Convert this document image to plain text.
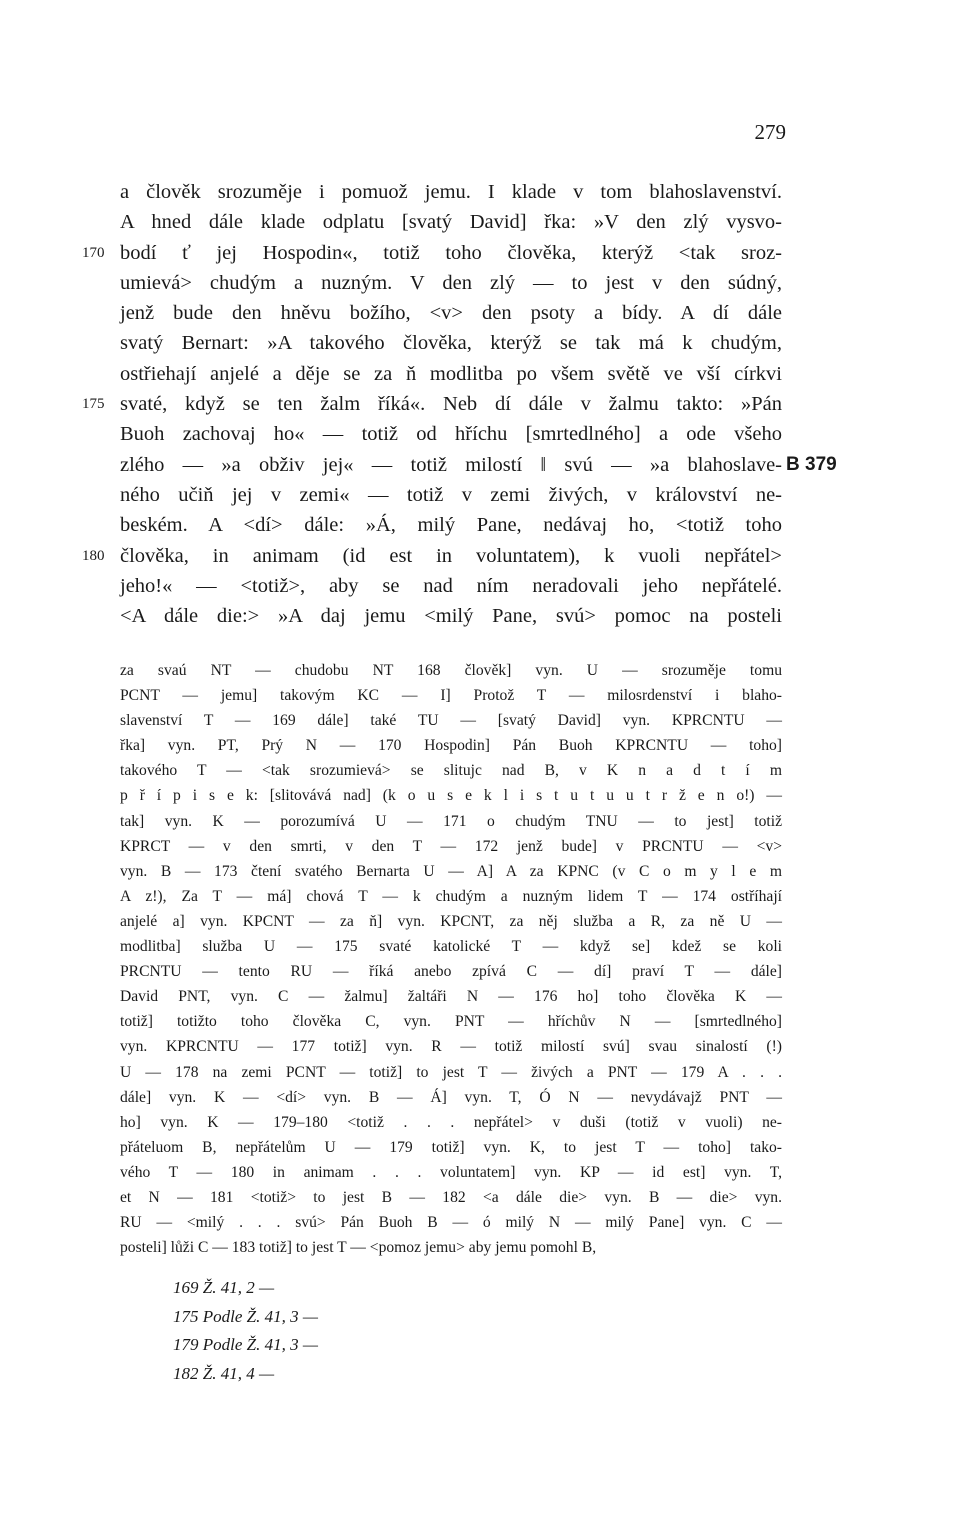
279
a člověk srozuměje i pomuož jemu. I klade v tom blahoslavenství.
A hned dále klade odplatu [svatý David] řka: »V den zlý vysvo-
170 bodí ť jej Hospodin«, totiž toho člověka, kterýž <tak sroz-
umievá> chudým a nuzným. V den zlý — to jest v den súdný,
jenž bude den hněvu božího, <v> den psoty a bídy. A dí dále
svatý Bernart: »A takového člověka, kterýž se tak má k chudým,
ostřiehají anjelé a děje se za ň modlitba po všem světě ve vší církvi
175 svaté, když se ten žalm říká«. Neb dí dále v žalmu takto: »Pán
Buoh zachovaj ho« — totiž od hříchu [smrtedlného] a ode všeho
zlého — »a obživ jej« — totiž milostí ǁ svú — »a blahoslave- B 379
ného učiň jej v zemi« — totiž v zemi živých, v království ne-
beském. A <dí> dále: »Á, milý Pane, nedávaj ho, <totiž toho
180 člověka, in animam (id est in voluntatem), k vuoli nepřátel>
jeho!« — <totiž>, aby se nad ním neradovali jeho nepřátelé.
<A dále die:> »A daj jemu <milý Pane, svú> pomoc na posteli
za svaú NT — chudobu NT 168 člověk] vyn. U — srozuměje tomu
PCNT — jemu] takovým KC — I] Protož T — milosrdenství i blaho-
slavenství T — 169 dále] také TU — [svatý David] vyn. KPRCNTU —
řka] vyn. PT, Prý N — 170 Hospodin] Pán Buoh KPRCNTU — toho]
takového T — <tak srozumievá> se slitujc nad B, v K n a d t í m
p ř í p i s e k: [slitovává nad] (k o u s e k l i s t u t u u t r ž e n o!) —
tak] vyn. K — porozumívá U — 171 o chudým TNU — to jest] totiž
KPRCT — v den smrti, v den T — 172 jenž bude] v PRCNTU — <v>
vyn. B — 173 čtení svatého Bernarta U — A] A za KPNC (v C o m y l e m
A z!), Za T — má] chová T — k chudým a nuzným lidem T — 174 ostříhají
anjelé a] vyn. KPCNT — za ň] vyn. KPCNT, za něj služba a R, za ně U —
modlitba] služba U — 175 svaté katolické T — když se] kdež se koli
PRCNTU — tento RU — říká anebo zpívá C — dí] praví T — dále]
David PNT, vyn. C — žalmu] žaltáři N — 176 ho] toho člověka K —
totiž] totižto toho člověka C, vyn. PNT — hříchův N — [smrtedlného]
vyn. KPRCNTU — 177 totiž] vyn. R — totiž milostí svú] svau sinalostí (!)
U — 178 na zemi PCNT — totiž] to jest T — živých a PNT — 179 A . . .
dále] vyn. K — <dí> vyn. B — Á] vyn. T, Ó N — nevydávajž PNT —
ho] vyn. K — 179–180 <totiž . . . nepřátel> v duši (totiž v vuoli) ne-
přáteluom B, nepřátelům U — 179 totiž] vyn. K, to jest T — toho] tako-
vého T — 180 in animam . . . voluntatem] vyn. KP — id est] vyn. T,
et N — 181 <totiž> to jest B — 182 <a dále die> vyn. B — die> vyn.
RU — <milý . . . svú> Pán Buoh B — ó milý N — milý Pane] vyn. C —
posteli] lůži C — 183 totiž] to jest T — <pomoz jemu> aby jemu pomohl B,
169 Ž. 41, 2 —
175 Podle Ž. 41, 3 —
179 Podle Ž. 41, 3 —
182 Ž. 41, 4 —
